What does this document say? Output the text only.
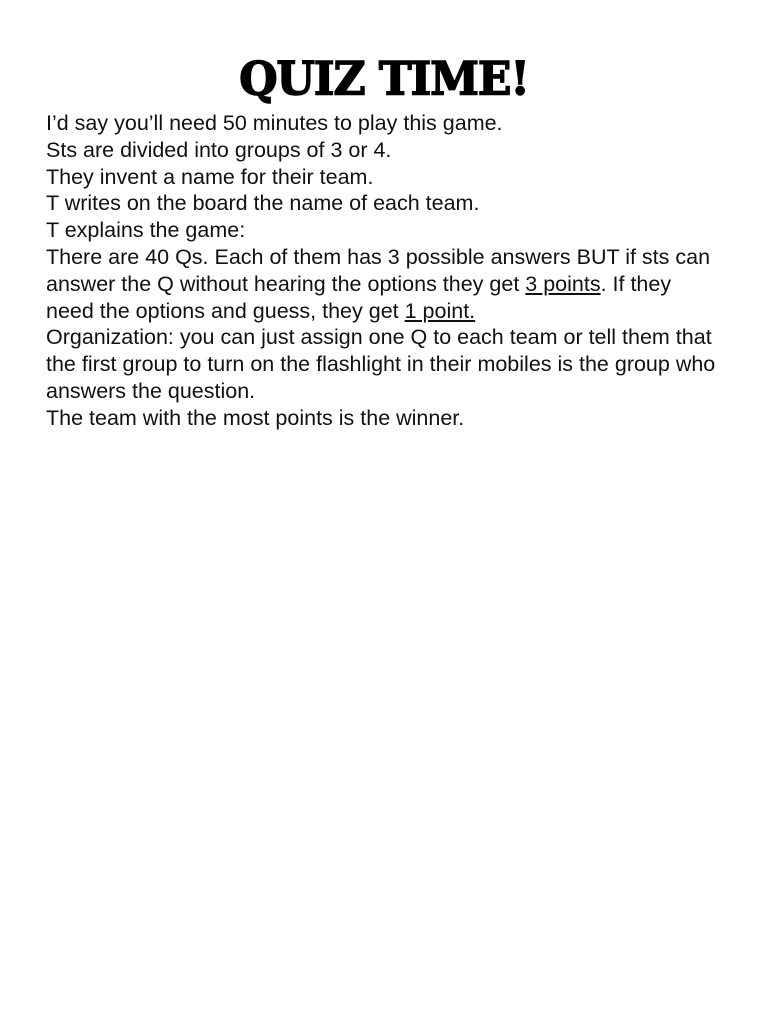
QUIZ TIME!

I’d say you’ll need 50 minutes to play this game.

Sts are divided into groups of 3 or 4.

They invent a name for their team.

T writes on the board the name of each team.

T explains the game:

There are 40 Qs. Each of them has 3 possible answers BUT if sts can answer the Q without hearing the options they get 3 points. If they need the options and guess, they get 1 point.

Organization: you can just assign one Q to each team or tell them that the first group to turn on the flashlight in their mobiles is the group who answers the question.

The team with the most points is the winner.
